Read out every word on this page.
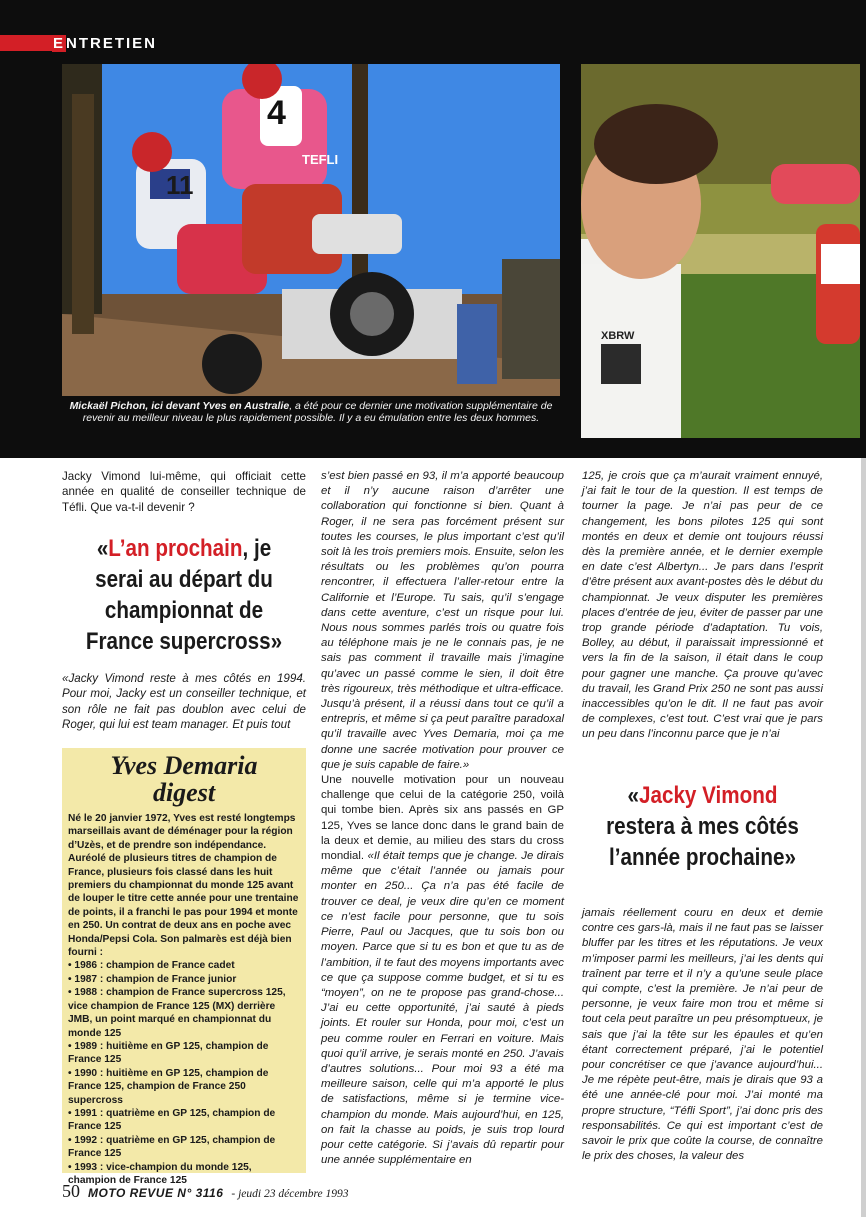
ENTRETIEN
11
4
TEFLI
XBRW
Mickaël Pichon, ici devant Yves en Australie, a été pour ce dernier une motivation supplémentaire de revenir au meilleur niveau le plus rapidement possible. Il y a eu émulation entre les deux hommes.

Jacky Vimond lui-même, qui officiait cette année en qualité de conseiller technique de Téfli. Que va-t-il devenir ?

«L’an prochain, je serai au départ du championnat de France supercross»

«Jacky Vimond reste à mes côtés en 1994. Pour moi, Jacky est un conseiller technique, et son rôle ne fait pas doublon avec celui de Roger, qui lui est team manager. Et puis tout

Yves Demaria
digest

Né le 20 janvier 1972, Yves est resté longtemps marseillais avant de déménager pour la région d’Uzès, et de prendre son indépendance. Auréolé de plusieurs titres de champion de France, plusieurs fois classé dans les huit premiers du championnat du monde 125 avant de louper le titre cette année pour une trentaine de points, il a franchi le pas pour 1994 et monte en 250. Un contrat de deux ans en poche avec Honda/Pepsi Cola. Son palmarès est déjà bien fourni :

• 1986 : champion de France cadet
• 1987 : champion de France junior
• 1988 : champion de France supercross 125, vice champion de France 125 (MX) derrière JMB, un point marqué en championnat du monde 125
• 1989 : huitième en GP 125, champion de France 125
• 1990 : huitième en GP 125, champion de France 125, champion de France 250 supercross
• 1991 : quatrième en GP 125, champion de France 125
• 1992 : quatrième en GP 125, champion de France 125
• 1993 : vice-champion du monde 125, champion de France 125

s’est bien passé en 93, il m’a apporté beaucoup et il n’y aucune raison d’arrêter une collaboration qui fonctionne si bien. Quant à Roger, il ne sera pas forcément présent sur toutes les courses, le plus important c’est qu’il soit là les trois premiers mois. Ensuite, selon les résultats ou les problèmes qu’on pourra rencontrer, il effectuera l’aller-retour entre la Californie et l’Europe. Tu sais, qu’il s’engage dans cette aventure, c’est un risque pour lui. Nous nous sommes parlés trois ou quatre fois au téléphone mais je ne le connais pas, je ne sais pas comment il travaille mais j’imagine qu’avec un passé comme le sien, il doit être très rigoureux, très méthodique et ultra-efficace. Jusqu’à présent, il a réussi dans tout ce qu’il a entrepris, et même si ça peut paraître paradoxal qu’il travaille avec Yves Demaria, moi ça me donne une sacrée motivation pour prouver ce que je suis capable de faire.»

Une nouvelle motivation pour un nouveau challenge que celui de la catégorie 250, voilà qui tombe bien. Après six ans passés en GP 125, Yves se lance donc dans le grand bain de la deux et demie, au milieu des stars du cross mondial. «Il était temps que je change. Je dirais même que c’était l’année ou jamais pour monter en 250... Ça n’a pas été facile de trouver ce deal, je veux dire qu’en ce moment ce n’est facile pour personne, que tu sois Pierre, Paul ou Jacques, que tu sois bon ou moyen. Parce que si tu es bon et que tu as de l’ambition, il te faut des moyens importants avec ce que ça suppose comme budget, et si tu es “moyen”, on ne te propose pas grand-chose... J’ai eu cette opportunité, j’ai sauté à pieds joints. Et rouler sur Honda, pour moi, c’est un peu comme rouler en Ferrari en voiture. Mais quoi qu’il arrive, je serais monté en 250. J’avais d’autres solutions... Pour moi 93 a été ma meilleure saison, celle qui m’a apporté le plus de satisfactions, même si je termine vice-champion du monde. Mais aujourd’hui, en 125, on fait la chasse au poids, je suis trop lourd pour cette catégorie. Si j’avais dû repartir pour une année supplémentaire en

125, je crois que ça m’aurait vraiment ennuyé, j’ai fait le tour de la question. Il est temps de tourner la page. Je n’ai pas peur de ce changement, les bons pilotes 125 qui sont montés en deux et demie ont toujours réussi dès la première année, et le dernier exemple en date c’est Albertyn... Je pars dans l’esprit d’être présent aux avant-postes dès le début du championnat. Je veux disputer les premières places d’entrée de jeu, éviter de passer par une trop grande période d’adaptation. Tu vois, Bolley, au début, il paraissait impressionné et vers la fin de la saison, il était dans le coup pour gagner une manche. Ça prouve qu’avec du travail, les Grand Prix 250 ne sont pas aussi inaccessibles qu’on le dit. Il ne faut pas avoir de complexes, c’est tout. C’est vrai que je pars un peu dans l’inconnu parce que je n’ai

«Jacky Vimond restera à mes côtés l’année prochaine»

jamais réellement couru en deux et demie contre ces gars-là, mais il ne faut pas se laisser bluffer par les titres et les réputations. Je veux m’imposer parmi les meilleurs, j’ai les dents qui traînent par terre et il n’y a qu’une seule place qui compte, c’est la première. Je n’ai peur de personne, je veux faire mon trou et même si tout cela peut paraître un peu présomptueux, je sais que j’ai la tête sur les épaules et qu’en étant correctement préparé, j’ai le potentiel pour concrétiser ce que j’avance aujourd’hui... Je me répète peut-être, mais je dirais que 93 a été une année-clé pour moi. J’ai monté ma propre structure, “Téfli Sport”, j’ai donc pris des responsabilités. Ce qui est important c’est de savoir le prix que coûte la course, de connaître le prix des choses, la valeur des

50 MOTO REVUE N° 3116 - jeudi 23 décembre 1993
